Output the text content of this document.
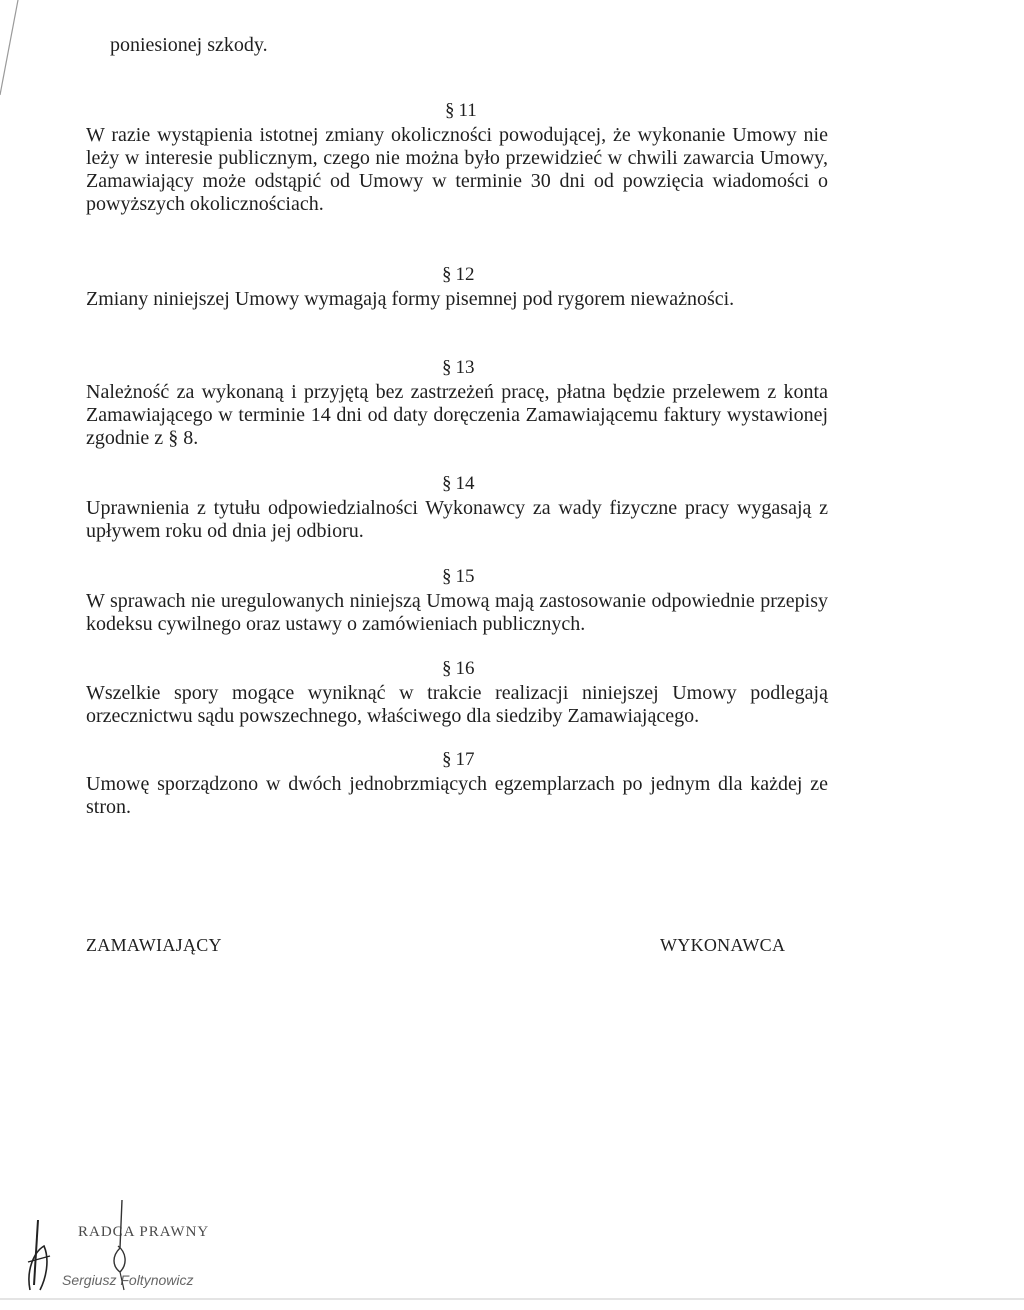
poniesionej szkody.
§ 11
W razie wystąpienia istotnej zmiany okoliczności powodującej, że wykonanie Umowy nie leży w interesie publicznym, czego nie można było przewidzieć w chwili zawarcia Umowy, Zamawiający może odstąpić od Umowy w terminie 30 dni od powzięcia wiadomości o powyższych okolicznościach.
§ 12
Zmiany niniejszej Umowy wymagają formy pisemnej pod rygorem nieważności.
§ 13
Należność za wykonaną i przyjętą bez zastrzeżeń pracę, płatna będzie przelewem z konta Zamawiającego w terminie 14 dni od daty doręczenia Zamawiającemu faktury wystawionej zgodnie z § 8.
§ 14
Uprawnienia z tytułu odpowiedzialności Wykonawcy za wady fizyczne pracy wygasają z upływem roku od dnia jej odbioru.
§ 15
W sprawach nie uregulowanych niniejszą Umową mają zastosowanie odpowiednie przepisy kodeksu cywilnego oraz ustawy o zamówieniach publicznych.
§ 16
Wszelkie spory mogące wyniknąć w trakcie realizacji niniejszej Umowy podlegają orzecznictwu sądu powszechnego, właściwego dla siedziby Zamawiającego.
§ 17
Umowę sporządzono w dwóch jednobrzmiących egzemplarzach po jednym dla każdej ze stron.
ZAMAWIAJĄCY	WYKONAWCA
RADCA PRAWNY
Sergiusz Foltynowicz
